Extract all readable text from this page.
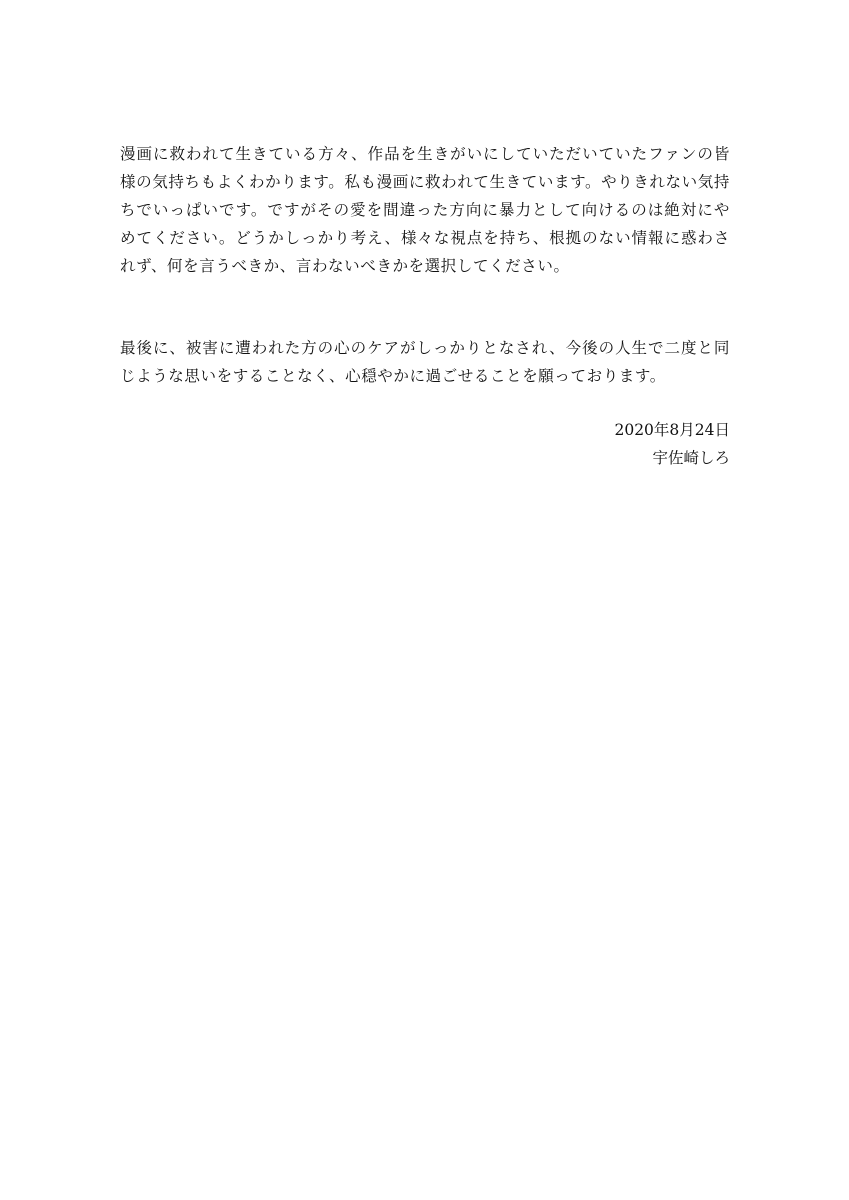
漫画に救われて生きている方々、作品を生きがいにしていただいていたファンの皆様の気持ちもよくわかります。私も漫画に救われて生きています。やりきれない気持ちでいっぱいです。ですがその愛を間違った方向に暴力として向けるのは絶対にやめてください。どうかしっかり考え、様々な視点を持ち、根拠のない情報に惑わされず、何を言うべきか、言わないべきかを選択してください。

最後に、被害に遭われた方の心のケアがしっかりとなされ、今後の人生で二度と同じような思いをすることなく、心穏やかに過ごせることを願っております。

2020年8月24日
宇佐崎しろ
